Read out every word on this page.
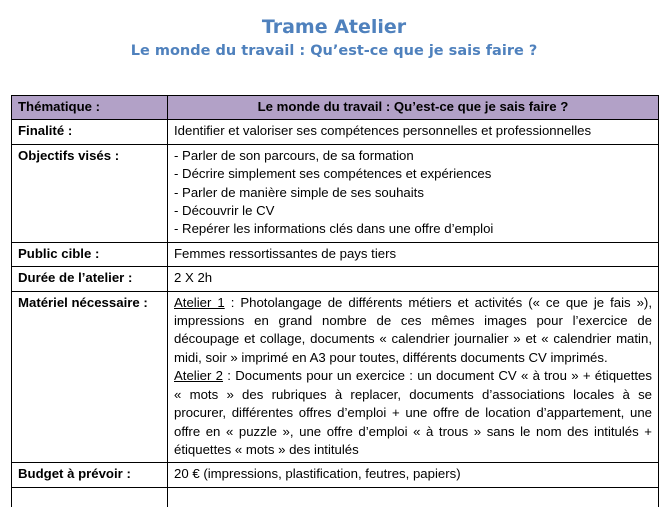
Trame Atelier
Le monde du travail : Qu’est-ce que je sais faire ?
Thématique :	Le monde du travail : Qu’est-ce que je sais faire ?
Finalité :	Identifier et valoriser ses compétences personnelles et professionnelles
Objectifs visés :	- Parler de son parcours, de sa formation
- Décrire simplement ses compétences et expériences
- Parler de manière simple de ses souhaits
- Découvrir le CV
- Repérer les informations clés dans une offre d’emploi

Public cible :	Femmes ressortissantes de pays tiers
Durée de l’atelier :	2 X 2h
Matériel nécessaire :	Atelier 1 : Photolangage de différents métiers et activités (« ce que je fais »), impressions en grand nombre de ces mêmes images pour l’exercice de découpage et collage, documents « calendrier journalier » et « calendrier matin, midi, soir » imprimé en A3 pour toutes, différents documents CV imprimés.
Atelier 2 : Documents pour un exercice : un document CV « à trou » + étiquettes « mots » des rubriques à replacer, documents d’associations locales à se procurer, différentes offres d’emploi + une offre de location d’appartement, une offre en « puzzle », une offre d’emploi « à trous » sans le nom des intitulés + étiquettes « mots » des intitulés

Budget à prévoir :	20 € (impressions, plastification, feutres, papiers)
